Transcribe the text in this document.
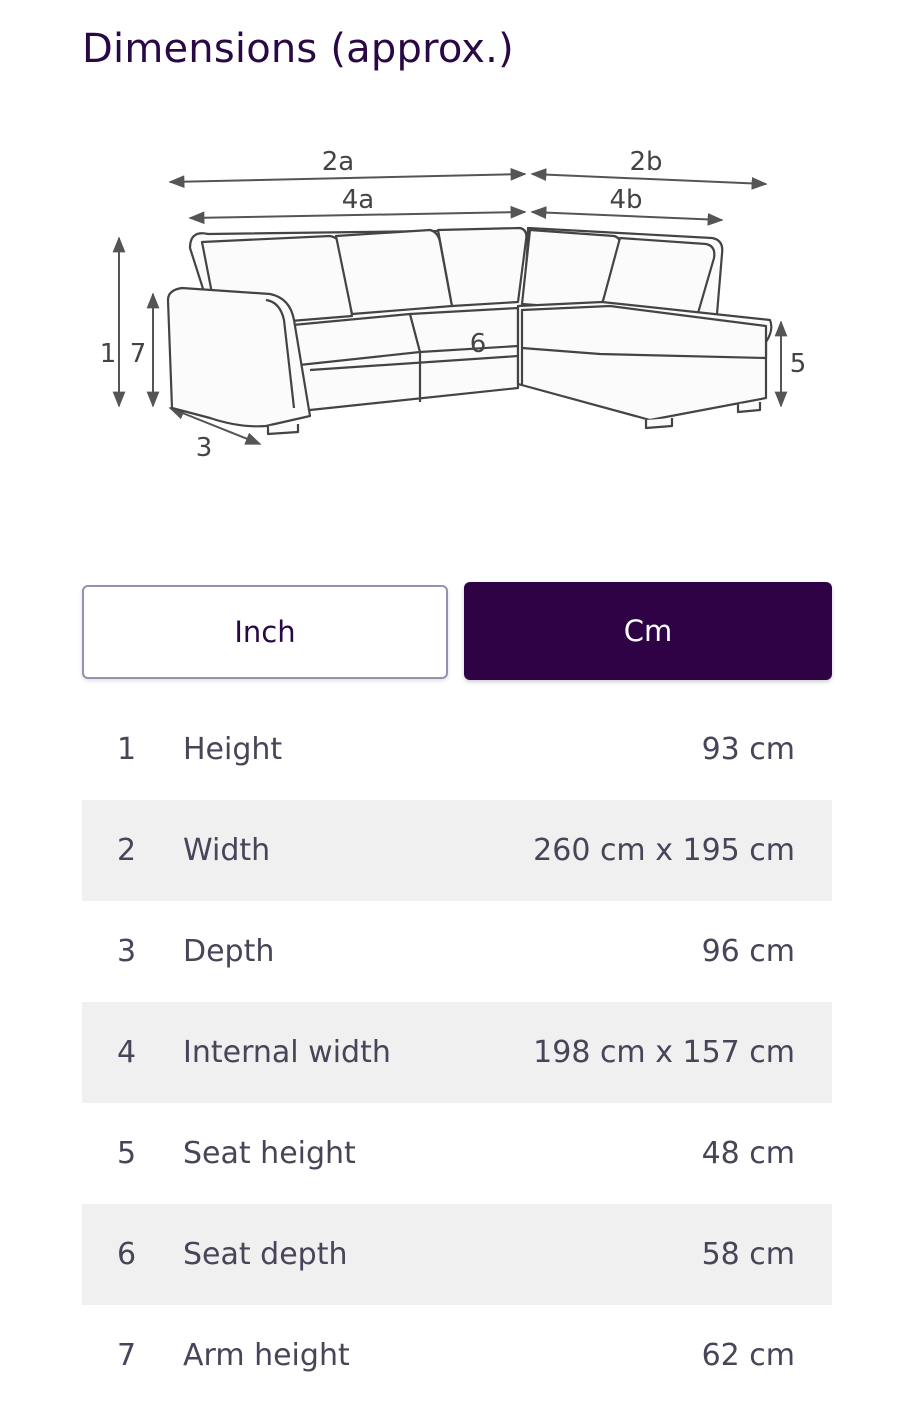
Dimensions (approx.)
2a	2b
4a	4b
1 7
3
5
6
Inch	Cm
1	Height	93 cm
2	Width	260 cm x 195 cm
3	Depth	96 cm
4	Internal width	198 cm x 157 cm
5	Seat height	48 cm
6	Seat depth	58 cm
7	Arm height	62 cm
